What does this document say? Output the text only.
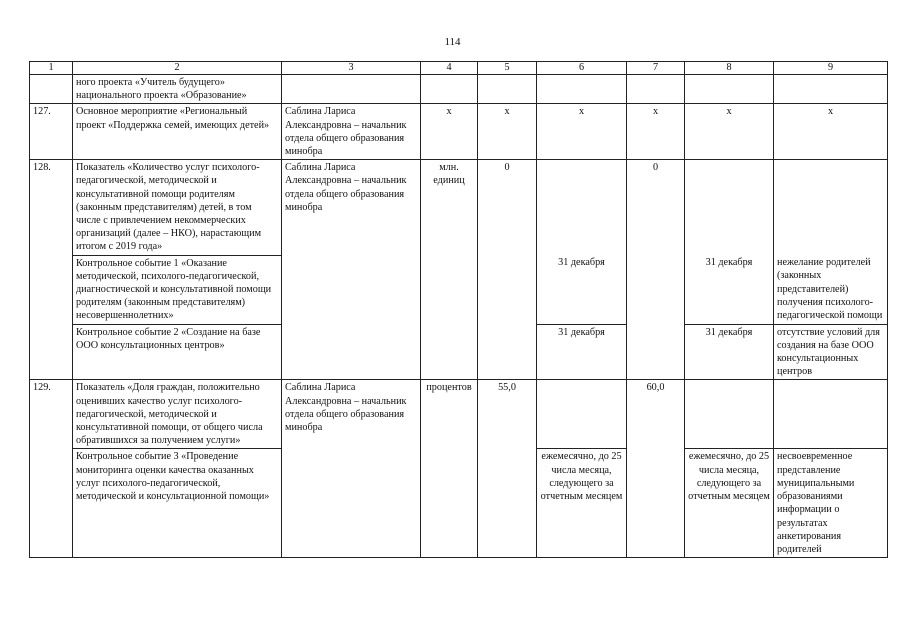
114
1	2	3	4	5	6	7	8	9
	ного проекта «Учитель будущего» национального проекта «Образование»							
127.	Основное мероприятие «Региональный проект «Поддержка семей, имеющих детей»	Саблина Лариса Александровна – начальник отдела общего образования минобра	х	х	х	х	х	х
128.	Показатель «Количество услуг психолого-педагогической, методической и консультативной помощи родителям (законным представителям) детей, в том числе с привлечением некоммерческих организаций (далее – НКО), нарастающим итогом с 2019 года»	Саблина Лариса Александровна – начальник отдела общего образования минобра	млн. единиц	0		0		
	Контрольное событие 1 «Оказание методической, психолого-педагогической, диагностической и консультативной помощи родителям (законным представителям) несовершеннолетних»				31 декабря		31 декабря	нежелание родителей (законных представителей) получения психолого-педагогической помощи
	Контрольное событие 2 «Создание на базе ООО консультационных центров»				31 декабря		31 декабря	отсутствие условий для создания на базе ООО консультационных центров
129.	Показатель «Доля граждан, положительно оценивших качество услуг психолого-педагогической, методической и консультативной помощи, от общего числа обратившихся за получением услуги»	Саблина Лариса Александровна – начальник отдела общего образования минобра	процентов	55,0		60,0		
	Контрольное событие 3 «Проведение мониторинга оценки качества оказанных услуг психолого-педагогической, методической и консультационной помощи»				ежемесячно, до 25 числа месяца, следующего за отчетным месяцем		ежемесячно, до 25 числа месяца, следующего за отчетным месяцем	несвоевременное представление муниципальными образованиями информации о результатах анкетирования родителей
